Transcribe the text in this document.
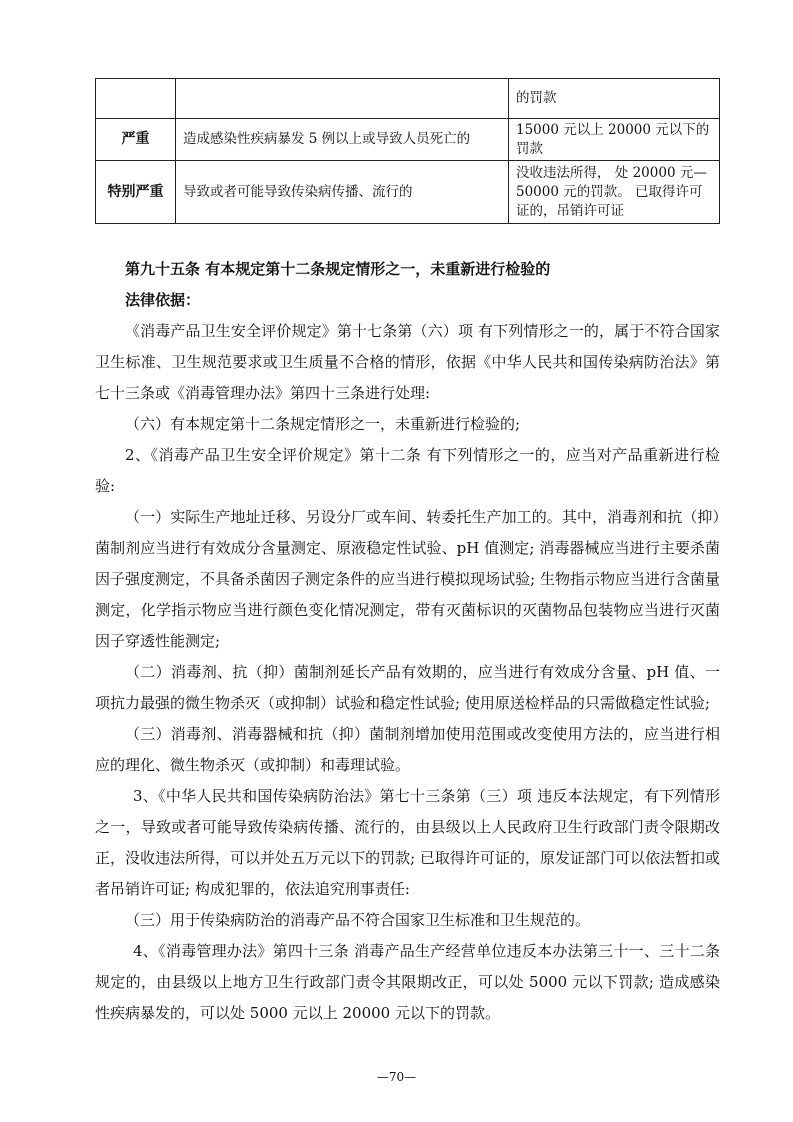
		的罚款
严重	造成感染性疾病暴发 5 例以上或导致人员死亡的	15000 元以上 20000 元以下的罚款
特别严重	导致或者可能导致传染病传播、流行的	没收违法所得， 处 20000 元—50000 元的罚款。 已取得许可证的，吊销许可证

第九十五条 有本规定第十二条规定情形之一，未重新进行检验的

法律依据：

《消毒产品卫生安全评价规定》第十七条第（六）项 有下列情形之一的，属于不符合国家卫生标准、卫生规范要求或卫生质量不合格的情形，依据《中华人民共和国传染病防治法》第七十三条或《消毒管理办法》第四十三条进行处理:

（六）有本规定第十二条规定情形之一，未重新进行检验的;

2、《消毒产品卫生安全评价规定》第十二条 有下列情形之一的，应当对产品重新进行检验:

（一）实际生产地址迁移、另设分厂或车间、转委托生产加工的。其中，消毒剂和抗（抑）菌制剂应当进行有效成分含量测定、原液稳定性试验、pH 值测定; 消毒器械应当进行主要杀菌因子强度测定，不具备杀菌因子测定条件的应当进行模拟现场试验; 生物指示物应当进行含菌量测定，化学指示物应当进行颜色变化情况测定，带有灭菌标识的灭菌物品包装物应当进行灭菌因子穿透性能测定;

（二）消毒剂、抗（抑）菌制剂延长产品有效期的，应当进行有效成分含量、pH 值、一项抗力最强的微生物杀灭（或抑制）试验和稳定性试验; 使用原送检样品的只需做稳定性试验;

（三）消毒剂、消毒器械和抗（抑）菌制剂增加使用范围或改变使用方法的，应当进行相应的理化、微生物杀灭（或抑制）和毒理试验。

3、《中华人民共和国传染病防治法》第七十三条第（三）项 违反本法规定，有下列情形之一，导致或者可能导致传染病传播、流行的，由县级以上人民政府卫生行政部门责令限期改正，没收违法所得，可以并处五万元以下的罚款; 已取得许可证的，原发证部门可以依法暂扣或者吊销许可证; 构成犯罪的，依法追究刑事责任:

（三）用于传染病防治的消毒产品不符合国家卫生标准和卫生规范的。

4、《消毒管理办法》第四十三条 消毒产品生产经营单位违反本办法第三十一、三十二条规定的，由县级以上地方卫生行政部门责令其限期改正，可以处 5000 元以下罚款; 造成感染性疾病暴发的，可以处 5000 元以上 20000 元以下的罚款。

—70—
